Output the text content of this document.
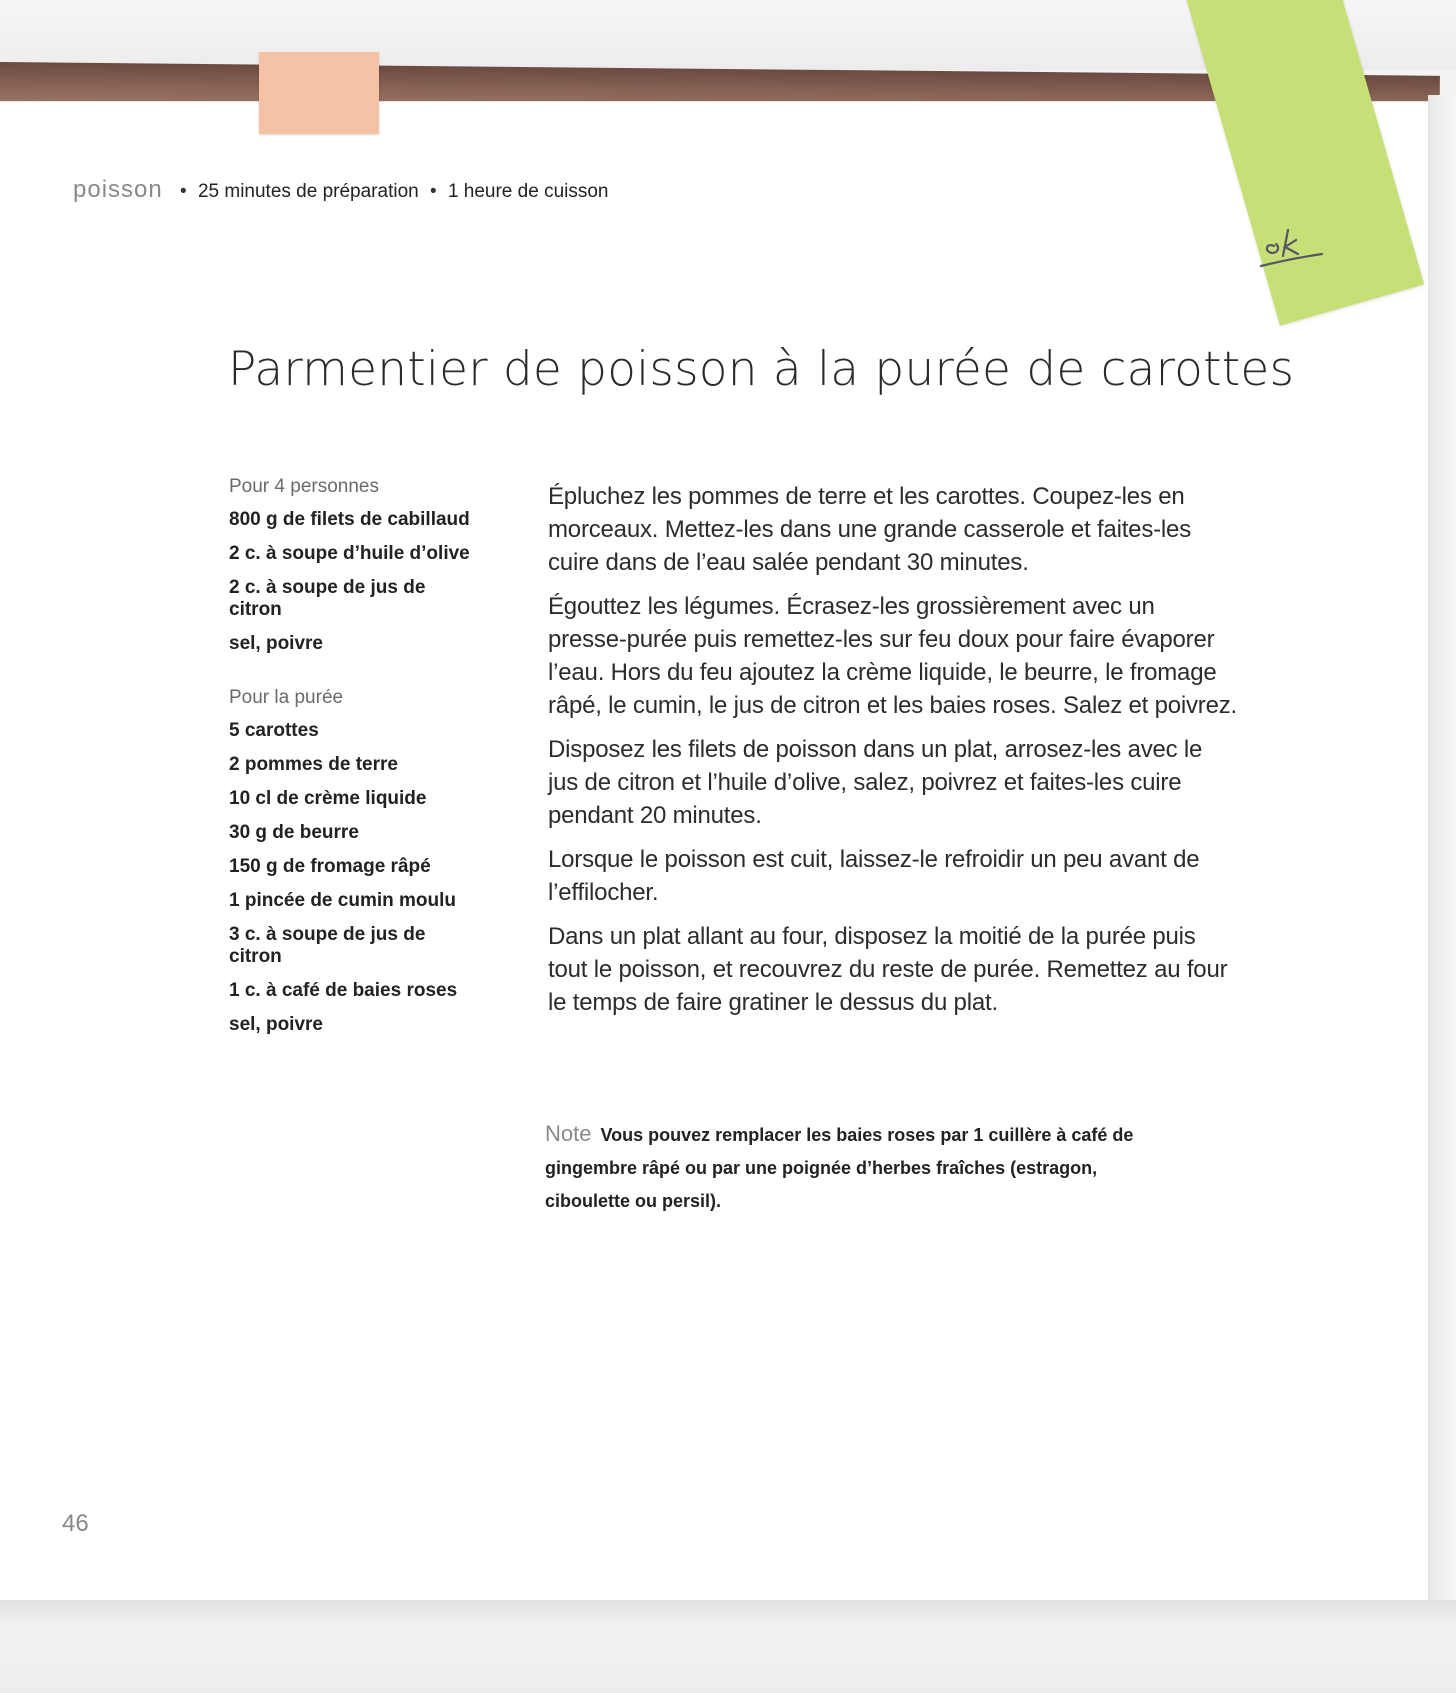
poisson • 25 minutes de préparation • 1 heure de cuisson
Parmentier de poisson à la purée de carottes
Pour 4 personnes
800 g de filets de cabillaud
2 c. à soupe d’huile d’olive
2 c. à soupe de jus de citron
sel, poivre
Pour la purée
5 carottes
2 pommes de terre
10 cl de crème liquide
30 g de beurre
150 g de fromage râpé
1 pincée de cumin moulu
3 c. à soupe de jus de citron
1 c. à café de baies roses
sel, poivre

Épluchez les pommes de terre et les carottes. Coupez-les en morceaux. Mettez-les dans une grande casserole et faites-les cuire dans de l’eau salée pendant 30 minutes.

Égouttez les légumes. Écrasez-les grossièrement avec un presse-purée puis remettez-les sur feu doux pour faire évaporer l’eau. Hors du feu ajoutez la crème liquide, le beurre, le fromage râpé, le cumin, le jus de citron et les baies roses. Salez et poivrez.

Disposez les filets de poisson dans un plat, arrosez-les avec le jus de citron et l’huile d’olive, salez, poivrez et faites-les cuire pendant 20 minutes.

Lorsque le poisson est cuit, laissez-le refroidir un peu avant de l’effilocher.

Dans un plat allant au four, disposez la moitié de la purée puis tout le poisson, et recouvrez du reste de purée. Remettez au four le temps de faire gratiner le dessus du plat.

Note Vous pouvez remplacer les baies roses par 1 cuillère à café de gingembre râpé ou par une poignée d’herbes fraîches (estragon, ciboulette ou persil).
46
